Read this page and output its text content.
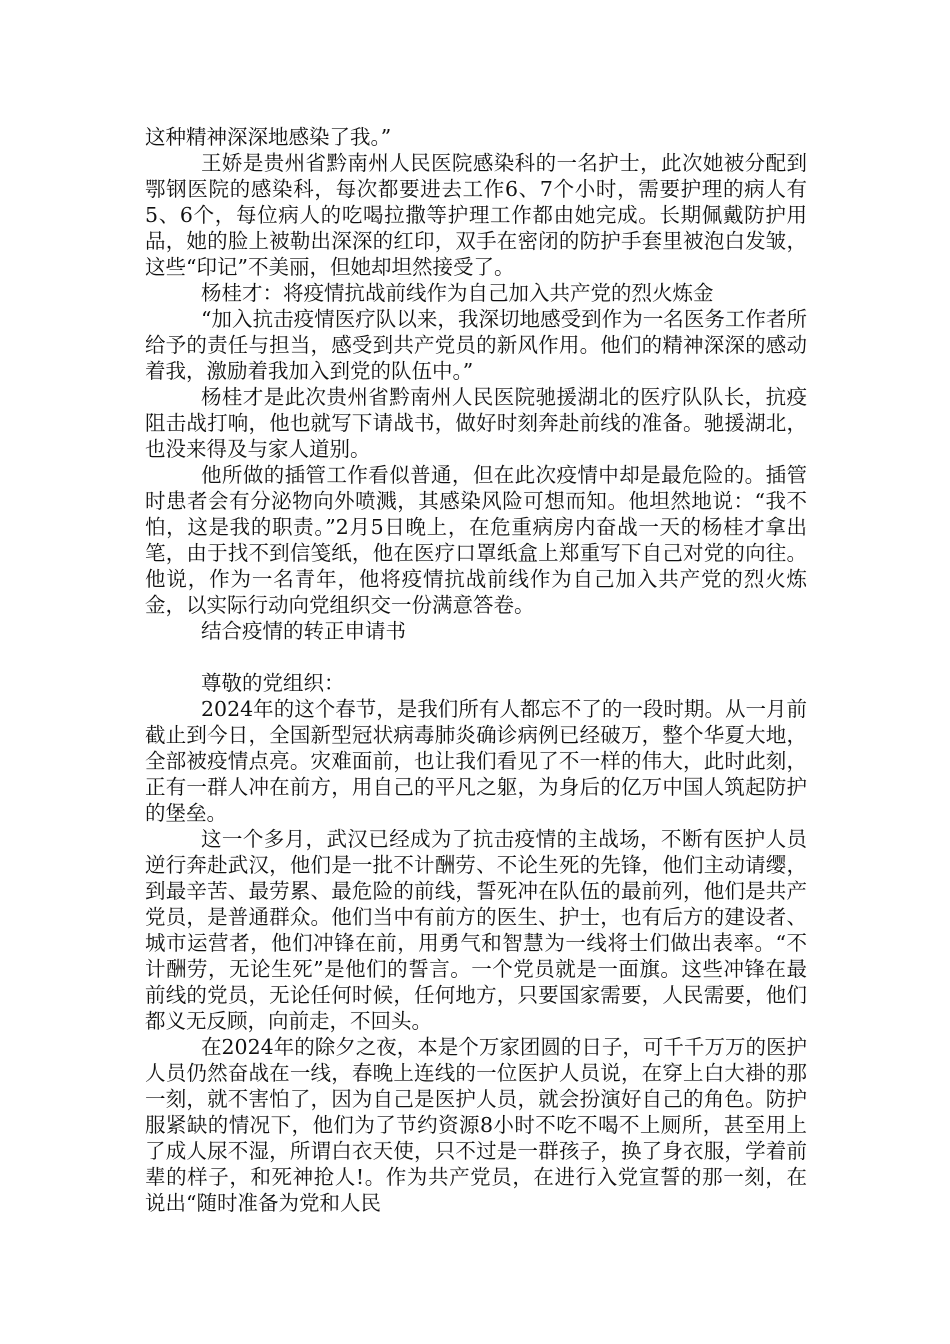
这种精神深深地感染了我。”

王娇是贵州省黔南州人民医院感染科的一名护士，此次她被分配到鄂钢医院的感染科，每次都要进去工作6、7个小时，需要护理的病人有5、6个，每位病人的吃喝拉撒等护理工作都由她完成。长期佩戴防护用品，她的脸上被勒出深深的红印，双手在密闭的防护手套里被泡白发皱，这些“印记”不美丽，但她却坦然接受了。

杨桂才：将疫情抗战前线作为自己加入共产党的烈火炼金

“加入抗击疫情医疗队以来，我深切地感受到作为一名医务工作者所给予的责任与担当，感受到共产党员的新风作用。他们的精神深深的感动着我，激励着我加入到党的队伍中。”

杨桂才是此次贵州省黔南州人民医院驰援湖北的医疗队队长，抗疫阻击战打响，他也就写下请战书，做好时刻奔赴前线的准备。驰援湖北，也没来得及与家人道别。

他所做的插管工作看似普通，但在此次疫情中却是最危险的。插管时患者会有分泌物向外喷溅，其感染风险可想而知。他坦然地说：“我不怕，这是我的职责。”2月5日晚上，在危重病房内奋战一天的杨桂才拿出笔，由于找不到信笺纸，他在医疗口罩纸盒上郑重写下自己对党的向往。他说，作为一名青年，他将疫情抗战前线作为自己加入共产党的烈火炼金，以实际行动向党组织交一份满意答卷。

结合疫情的转正申请书

尊敬的党组织：

2024年的这个春节，是我们所有人都忘不了的一段时期。从一月前截止到今日，全国新型冠状病毒肺炎确诊病例已经破万，整个华夏大地，全部被疫情点亮。灾难面前，也让我们看见了不一样的伟大，此时此刻，正有一群人冲在前方，用自己的平凡之躯，为身后的亿万中国人筑起防护的堡垒。

这一个多月，武汉已经成为了抗击疫情的主战场，不断有医护人员逆行奔赴武汉，他们是一批不计酬劳、不论生死的先锋，他们主动请缨，到最辛苦、最劳累、最危险的前线，誓死冲在队伍的最前列，他们是共产党员，是普通群众。他们当中有前方的医生、护士，也有后方的建设者、城市运营者，他们冲锋在前，用勇气和智慧为一线将士们做出表率。“不计酬劳，无论生死”是他们的誓言。一个党员就是一面旗。这些冲锋在最前线的党员，无论任何时候，任何地方，只要国家需要，人民需要，他们都义无反顾，向前走，不回头。

在2024年的除夕之夜，本是个万家团圆的日子，可千千万万的医护人员仍然奋战在一线，春晚上连线的一位医护人员说，在穿上白大褂的那一刻，就不害怕了，因为自己是医护人员，就会扮演好自己的角色。防护服紧缺的情况下，他们为了节约资源8小时不吃不喝不上厕所，甚至用上了成人尿不湿，所谓白衣天使，只不过是一群孩子，换了身衣服，学着前辈的样子，和死神抢人!。作为共产党员，在进行入党宣誓的那一刻，在说出“随时准备为党和人民
